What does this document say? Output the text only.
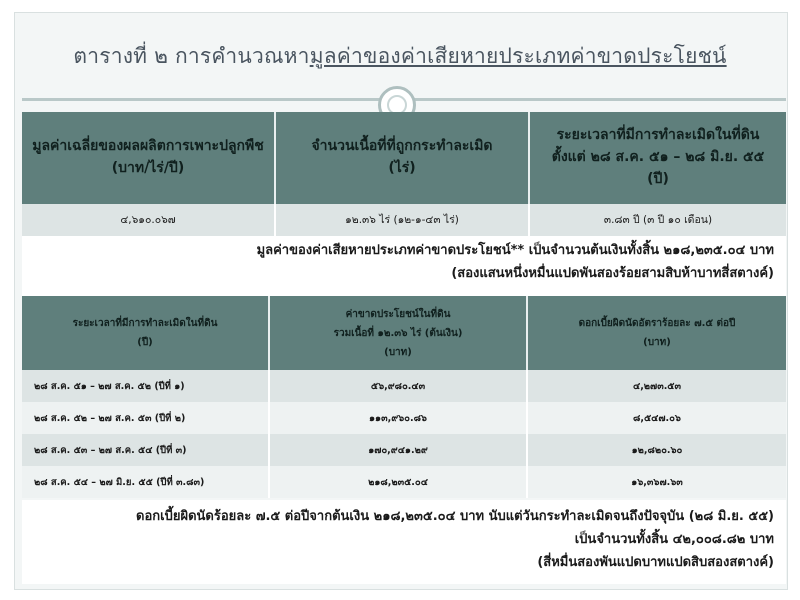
ตารางที่ ๒ การคำนวณหามูลค่าของค่าเสียหายประเภทค่าขาดประโยชน์
มูลค่าเฉลี่ยของผลผลิตการเพาะปลูกพืช
(บาท/ไร่/ปี)
จำนวนเนื้อที่ที่ถูกกระทำละเมิด
(ไร่)
ระยะเวลาที่มีการทำละเมิดในที่ดิน
ตั้งแต่ ๒๘ ส.ค. ๕๑ – ๒๘ มิ.ย. ๕๕
(ปี)
๔,๖๑๐.๐๖๗	๑๒.๓๖ ไร่ (๑๒-๑-๔๓ ไร่)	๓.๘๓ ปี (๓ ปี ๑๐ เดือน)
มูลค่าของค่าเสียหายประเภทค่าขาดประโยชน์** เป็นจำนวนต้นเงินทั้งสิ้น ๒๑๘,๒๓๕.๐๔ บาท
(สองแสนหนึ่งหมื่นแปดพันสองร้อยสามสิบห้าบาทสี่สตางค์)
ระยะเวลาที่มีการทำละเมิดในที่ดิน
(ปี)
ค่าขาดประโยชน์ในที่ดิน
รวมเนื้อที่ ๑๒.๓๖ ไร่ (ต้นเงิน)
(บาท)
ดอกเบี้ยผิดนัดอัตราร้อยละ ๗.๕ ต่อปี
(บาท)
๒๘ ส.ค. ๕๑ – ๒๗ ส.ค. ๕๒ (ปีที่ ๑)	๕๖,๙๘๐.๔๓	๔,๒๗๓.๕๓
๒๘ ส.ค. ๕๒ – ๒๗ ส.ค. ๕๓ (ปีที่ ๒)	๑๑๓,๙๖๐.๘๖	๘,๕๔๗.๐๖
๒๘ ส.ค. ๕๓ – ๒๗ ส.ค. ๕๔ (ปีที่ ๓)	๑๗๐,๙๔๑.๒๙	๑๒,๘๒๐.๖๐
๒๘ ส.ค. ๕๔ – ๒๗ มิ.ย. ๕๕ (ปีที่ ๓.๘๓)	๒๑๘,๒๓๕.๐๔	๑๖,๓๖๗.๖๓
ดอกเบี้ยผิดนัดร้อยละ ๗.๕ ต่อปีจากต้นเงิน ๒๑๘,๒๓๕.๐๔ บาท นับแต่วันกระทำละเมิดจนถึงปัจจุบัน (๒๘ มิ.ย. ๕๕)
เป็นจำนวนทั้งสิ้น ๔๒,๐๐๘.๘๒ บาท
(สี่หมื่นสองพันแปดบาทแปดสิบสองสตางค์)
